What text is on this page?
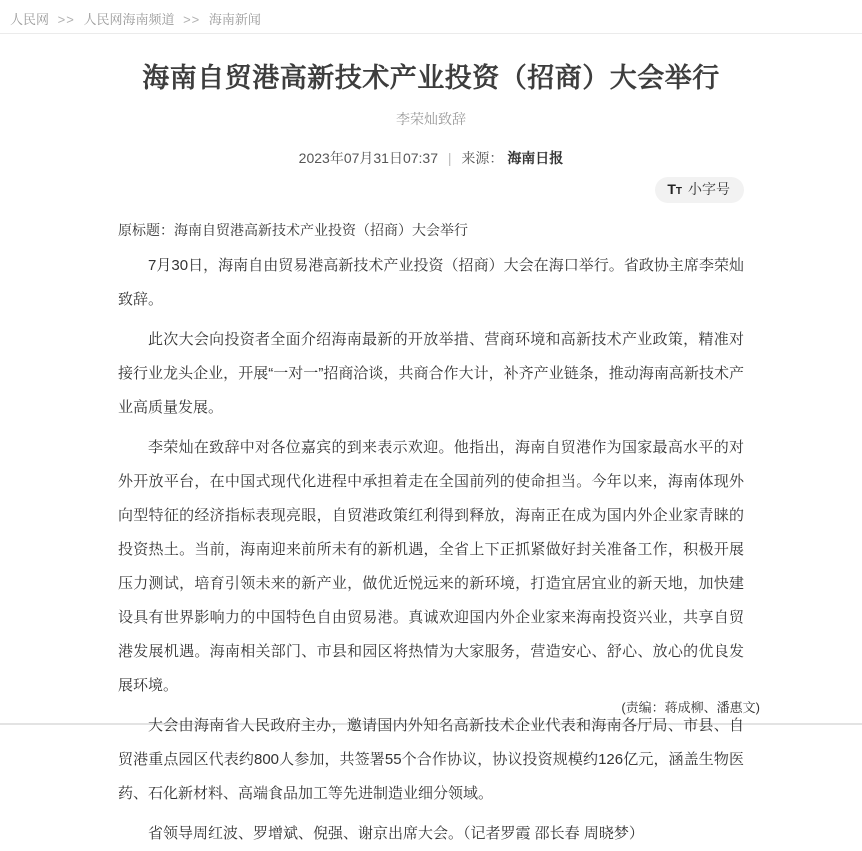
人民网 >> 人民网海南频道 >> 海南新闻
海南自贸港高新技术产业投资（招商）大会举行
李荣灿致辞
2023年07月31日07:37 | 来源： 海南日报
TT 小字号
原标题：海南自贸港高新技术产业投资（招商）大会举行

7月30日，海南自由贸易港高新技术产业投资（招商）大会在海口举行。省政协主席李荣灿致辞。

此次大会向投资者全面介绍海南最新的开放举措、营商环境和高新技术产业政策，精准对接行业龙头企业，开展“一对一”招商洽谈，共商合作大计，补齐产业链条，推动海南高新技术产业高质量发展。

李荣灿在致辞中对各位嘉宾的到来表示欢迎。他指出，海南自贸港作为国家最高水平的对外开放平台，在中国式现代化进程中承担着走在全国前列的使命担当。今年以来，海南体现外向型特征的经济指标表现亮眼，自贸港政策红利得到释放，海南正在成为国内外企业家青睐的投资热土。当前，海南迎来前所未有的新机遇，全省上下正抓紧做好封关准备工作，积极开展压力测试，培育引领未来的新产业，做优近悦远来的新环境，打造宜居宜业的新天地，加快建设具有世界影响力的中国特色自由贸易港。真诚欢迎国内外企业家来海南投资兴业，共享自贸港发展机遇。海南相关部门、市县和园区将热情为大家服务，营造安心、舒心、放心的优良发展环境。

大会由海南省人民政府主办，邀请国内外知名高新技术企业代表和海南各厅局、市县、自贸港重点园区代表约800人参加，共签署55个合作协议，协议投资规模约126亿元，涵盖生物医药、石化新材料、高端食品加工等先进制造业细分领域。

省领导周红波、罗增斌、倪强、谢京出席大会。（记者罗霞 邵长春 周晓梦）

(责编：蒋成柳、潘惠文)
